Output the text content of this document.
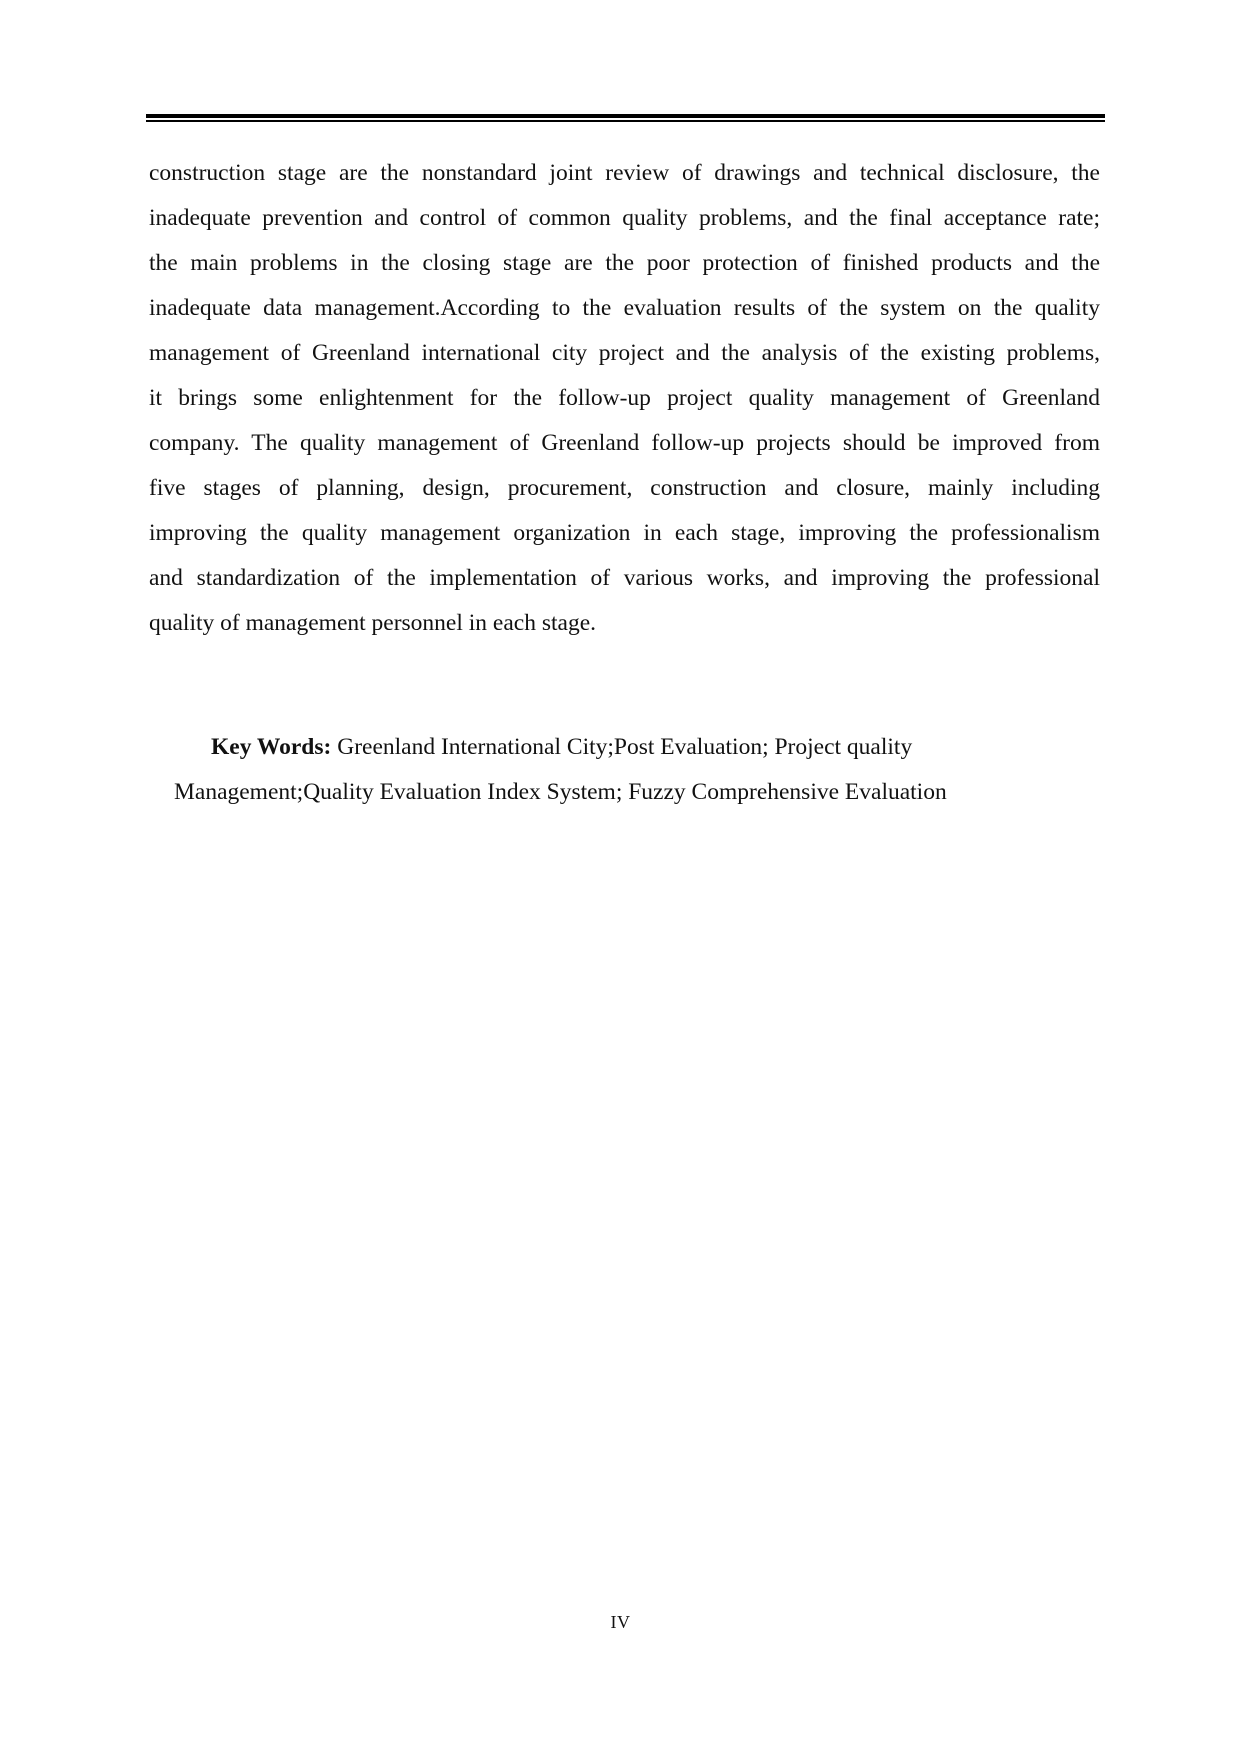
construction stage are the nonstandard joint review of drawings and technical disclosure, the
inadequate prevention and control of common quality problems, and the final acceptance rate;
the main problems in the closing stage are the poor protection of finished products and the
inadequate data management.According to the evaluation results of the system on the quality
management of Greenland international city project and the analysis of the existing problems,
it brings some enlightenment for the follow-up project quality management of Greenland
company. The quality management of Greenland follow-up projects should be improved from
five stages of planning, design, procurement, construction and closure, mainly including
improving the quality management organization in each stage, improving the professionalism
and standardization of the implementation of various works, and improving the professional
quality of management personnel in each stage.
Key Words: Greenland International City;Post Evaluation; Project quality
Management;Quality Evaluation Index System; Fuzzy Comprehensive Evaluation
IV
